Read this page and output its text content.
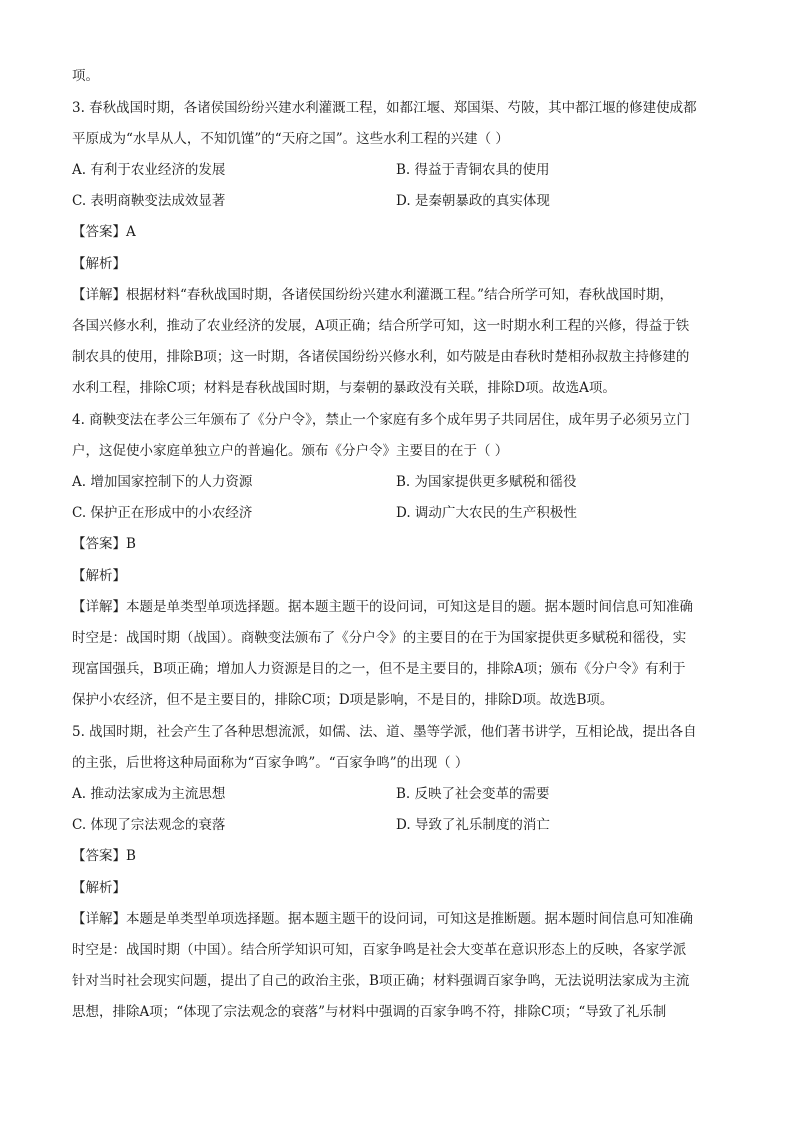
项。
3. 春秋战国时期，各诸侯国纷纷兴建水利灌溉工程，如都江堰、郑国渠、芍陂，其中都江堰的修建使成都
平原成为“水旱从人，不知饥馑”的“天府之国”。这些水利工程的兴建（ ）
A. 有利于农业经济的发展	B. 得益于青铜农具的使用
C. 表明商鞅变法成效显著	D. 是秦朝暴政的真实体现
【答案】A
【解析】
【详解】根据材料“春秋战国时期，各诸侯国纷纷兴建水利灌溉工程。”结合所学可知，春秋战国时期，
各国兴修水利，推动了农业经济的发展，A项正确；结合所学可知，这一时期水利工程的兴修，得益于铁
制农具的使用，排除B项；这一时期，各诸侯国纷纷兴修水利，如芍陂是由春秋时楚相孙叔敖主持修建的
水利工程，排除C项；材料是春秋战国时期，与秦朝的暴政没有关联，排除D项。故选A项。
4. 商鞅变法在孝公三年颁布了《分户令》，禁止一个家庭有多个成年男子共同居住，成年男子必须另立门
户，这促使小家庭单独立户的普遍化。颁布《分户令》主要目的在于（ ）
A. 增加国家控制下的人力资源	B. 为国家提供更多赋税和徭役
C. 保护正在形成中的小农经济	D. 调动广大农民的生产积极性
【答案】B
【解析】
【详解】本题是单类型单项选择题。据本题主题干的设问词，可知这是目的题。据本题时间信息可知准确
时空是：战国时期（战国）。商鞅变法颁布了《分户令》的主要目的在于为国家提供更多赋税和徭役，实
现富国强兵，B项正确；增加人力资源是目的之一，但不是主要目的，排除A项；颁布《分户令》有利于
保护小农经济，但不是主要目的，排除C项；D项是影响，不是目的，排除D项。故选B项。
5. 战国时期，社会产生了各种思想流派，如儒、法、道、墨等学派，他们著书讲学，互相论战，提出各自
的主张，后世将这种局面称为“百家争鸣”。“百家争鸣”的出现（ ）
A. 推动法家成为主流思想	B. 反映了社会变革的需要
C. 体现了宗法观念的衰落	D. 导致了礼乐制度的消亡
【答案】B
【解析】
【详解】本题是单类型单项选择题。据本题主题干的设问词，可知这是推断题。据本题时间信息可知准确
时空是：战国时期（中国）。结合所学知识可知，百家争鸣是社会大变革在意识形态上的反映，各家学派
针对当时社会现实问题，提出了自己的政治主张，B项正确；材料强调百家争鸣，无法说明法家成为主流
思想，排除A项；“体现了宗法观念的衰落”与材料中强调的百家争鸣不符，排除C项；“导致了礼乐制
